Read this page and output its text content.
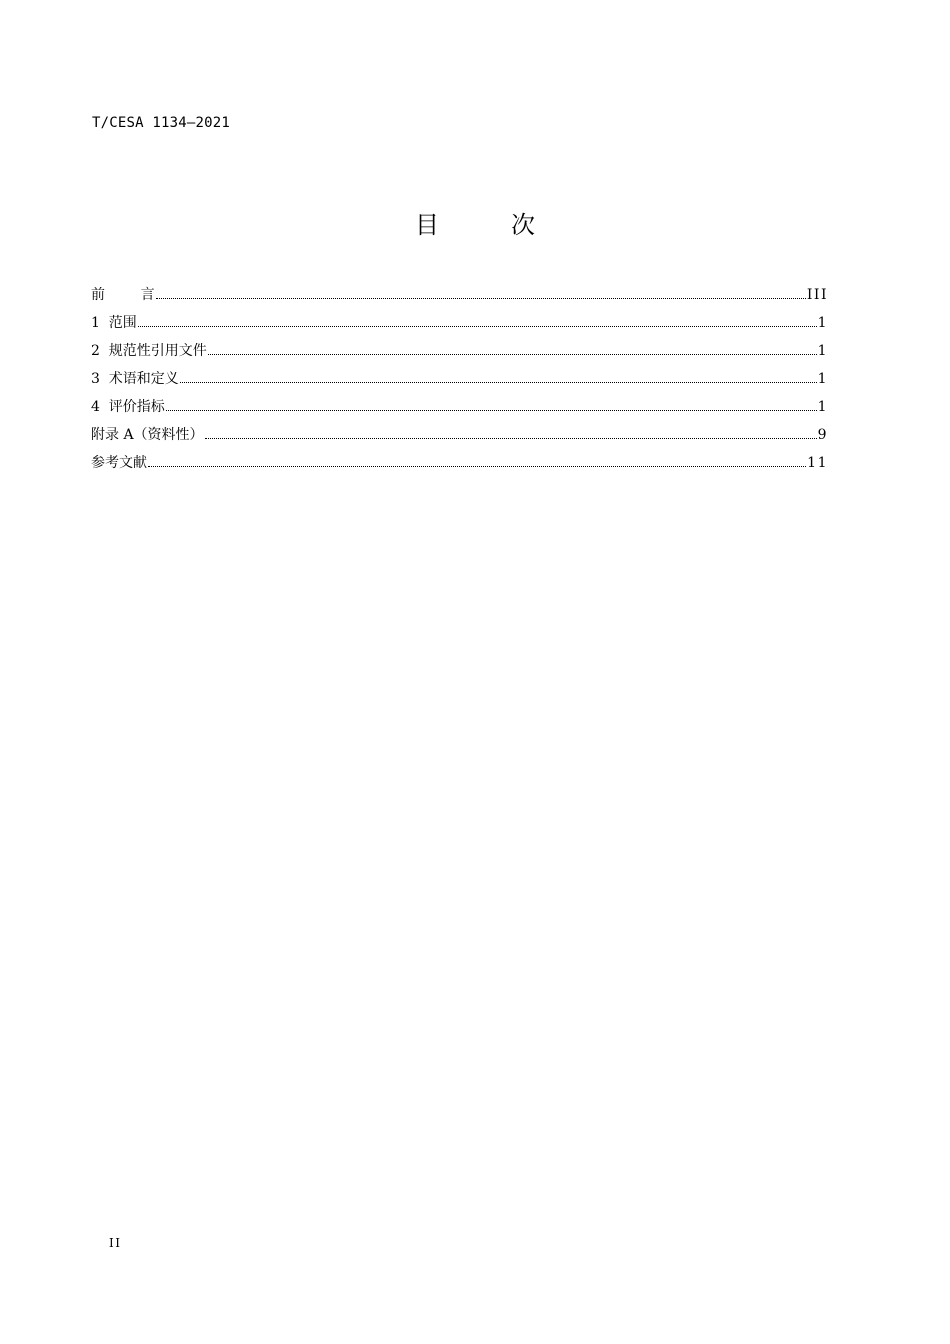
T/CESA 1134—2021
目	次
前        言	III
1  范围	1
2  规范性引用文件	1
3  术语和定义	1
4  评价指标	1
附录 A（资料性）	9
参考文献	11
II
